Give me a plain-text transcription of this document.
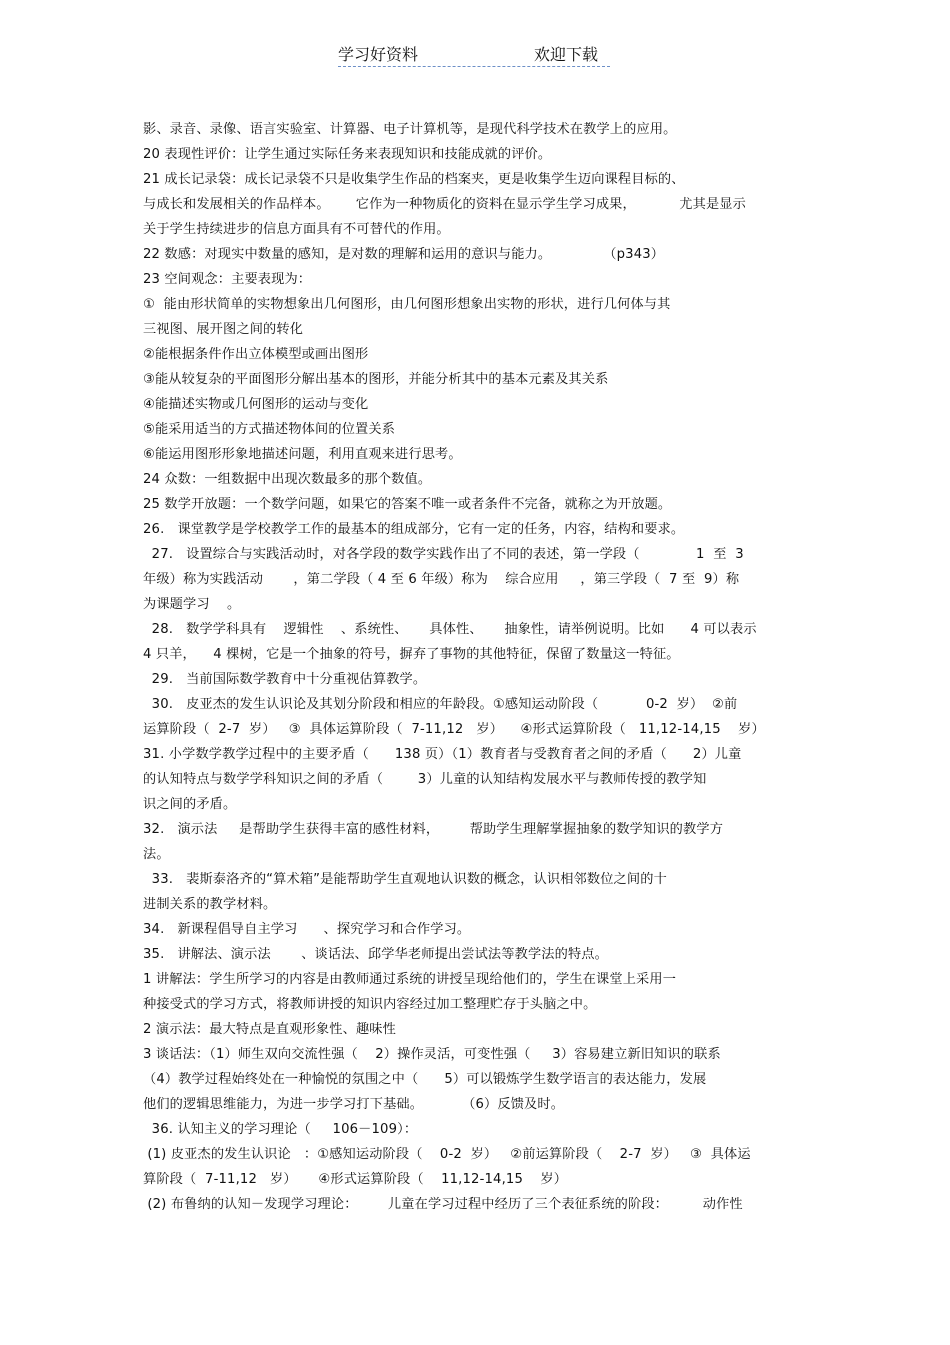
学习好资料	欢迎下载
影、录音、录像、语言实验室、计算器、电子计算机等，是现代科学技术在教学上的应用。
20 表现性评价：让学生通过实际任务来表现知识和技能成就的评价。
21 成长记录袋：成长记录袋不只是收集学生作品的档案夹，更是收集学生迈向课程目标的、
与成长和发展相关的作品样本。      它作为一种物质化的资料在显示学生学习成果，          尤其是显示
关于学生持续进步的信息方面具有不可替代的作用。
22 数感：对现实中数量的感知，是对数的理解和运用的意识与能力。            （p343）
23 空间观念：主要表现为：
①  能由形状简单的实物想象出几何图形，由几何图形想象出实物的形状，进行几何体与其
三视图、展开图之间的转化
②能根据条件作出立体模型或画出图形
③能从较复杂的平面图形分解出基本的图形，并能分析其中的基本元素及其关系
④能描述实物或几何图形的运动与变化
⑤能采用适当的方式描述物体间的位置关系
⑥能运用图形形象地描述问题，利用直观来进行思考。
24 众数：一组数据中出现次数最多的那个数值。
25 数学开放题：一个数学问题，如果它的答案不唯一或者条件不完备，就称之为开放题。
26.   课堂教学是学校教学工作的最基本的组成部分，它有一定的任务，内容，结构和要求。
27.   设置综合与实践活动时，对各学段的数学实践作出了不同的表述，第一学段（             1  至  3
年级）称为实践活动       ，第二学段（ 4 至 6 年级）称为    综合应用     ，第三学段（  7 至  9）称
为课题学习    。
28.   数学学科具有    逻辑性    、系统性、     具体性、     抽象性，请举例说明。比如      4 可以表示
4 只羊，    4 棵树，它是一个抽象的符号，摒弃了事物的其他特征，保留了数量这一特征。
29.   当前国际数学教育中十分重视估算教学。
30.   皮亚杰的发生认识论及其划分阶段和相应的年龄段。①感知运动阶段（           0-2  岁）  ②前
运算阶段（  2-7  岁）   ③  具体运算阶段（  7-11,12   岁）    ④形式运算阶段（   11,12-14,15    岁）
31. 小学数学教学过程中的主要矛盾（      138 页）（1）教育者与受教育者之间的矛盾（      2）儿童
的认知特点与数学学科知识之间的矛盾（        3）儿童的认知结构发展水平与教师传授的教学知
识之间的矛盾。
32.   演示法     是帮助学生获得丰富的感性材料，       帮助学生理解掌握抽象的数学知识的教学方
法。
33.   裴斯泰洛齐的“算术箱”是能帮助学生直观地认识数的概念，认识相邻数位之间的十
进制关系的教学材料。
34.   新课程倡导自主学习      、探究学习和合作学习。
35.   讲解法、演示法       、谈话法、邱学华老师提出尝试法等教学法的特点。
1 讲解法：学生所学习的内容是由教师通过系统的讲授呈现给他们的，学生在课堂上采用一
种接受式的学习方式，将教师讲授的知识内容经过加工整理贮存于头脑之中。
2 演示法：最大特点是直观形象性、趣味性
3 谈话法：（1）师生双向交流性强（    2）操作灵活，可变性强（     3）容易建立新旧知识的联系
（4）教学过程始终处在一种愉悦的氛围之中（      5）可以锻炼学生数学语言的表达能力，发展
他们的逻辑思维能力，为进一步学习打下基础。         （6）反馈及时。
36. 认知主义的学习理论（     106－109）：
(1) 皮亚杰的发生认识论   ：①感知运动阶段（    0-2  岁）   ②前运算阶段（    2-7  岁）   ③  具体运
算阶段（  7-11,12   岁）     ④形式运算阶段（    11,12-14,15    岁）
(2) 布鲁纳的认知－发现学习理论：       儿童在学习过程中经历了三个表征系统的阶段：        动作性
